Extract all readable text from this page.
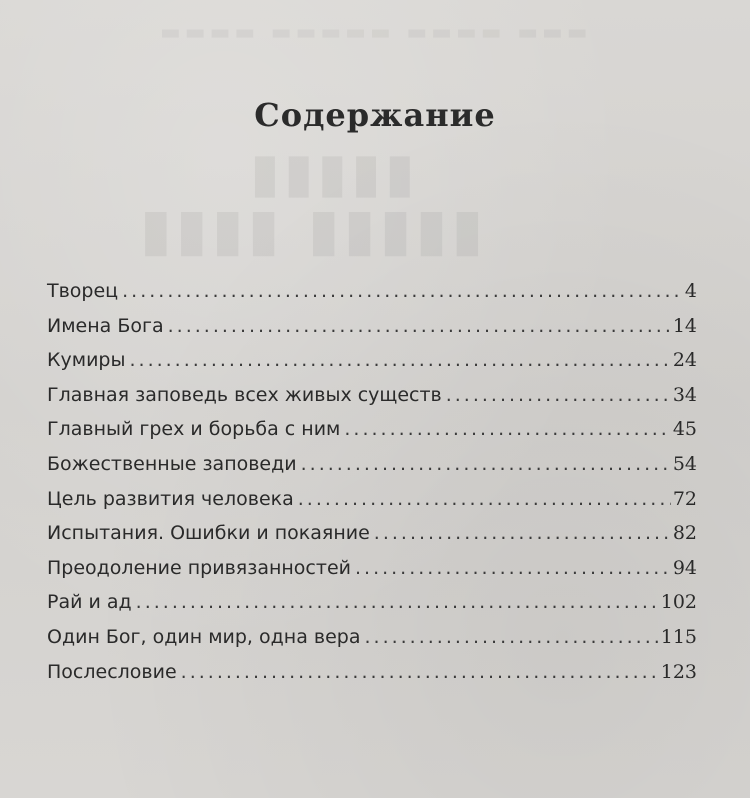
▬▬▬▬ ▬▬▬▬▬ ▬▬▬▬ ▬▬▬
▮▮▮▮▮
▮▮▮▮ ▮▮▮▮▮
Содержание
Творец .....	4
Имена Бога .....	14
Кумиры .....	24
Главная заповедь всех живых существ .....	34
Главный грех и борьба с ним .....	45
Божественные заповеди .....	54
Цель развития человека .....	72
Испытания. Ошибки и покаяние .....	82
Преодоление привязанностей .....	94
Рай и ад .....	102
Один Бог, один мир, одна вера .....	115
Послесловие .....	123
